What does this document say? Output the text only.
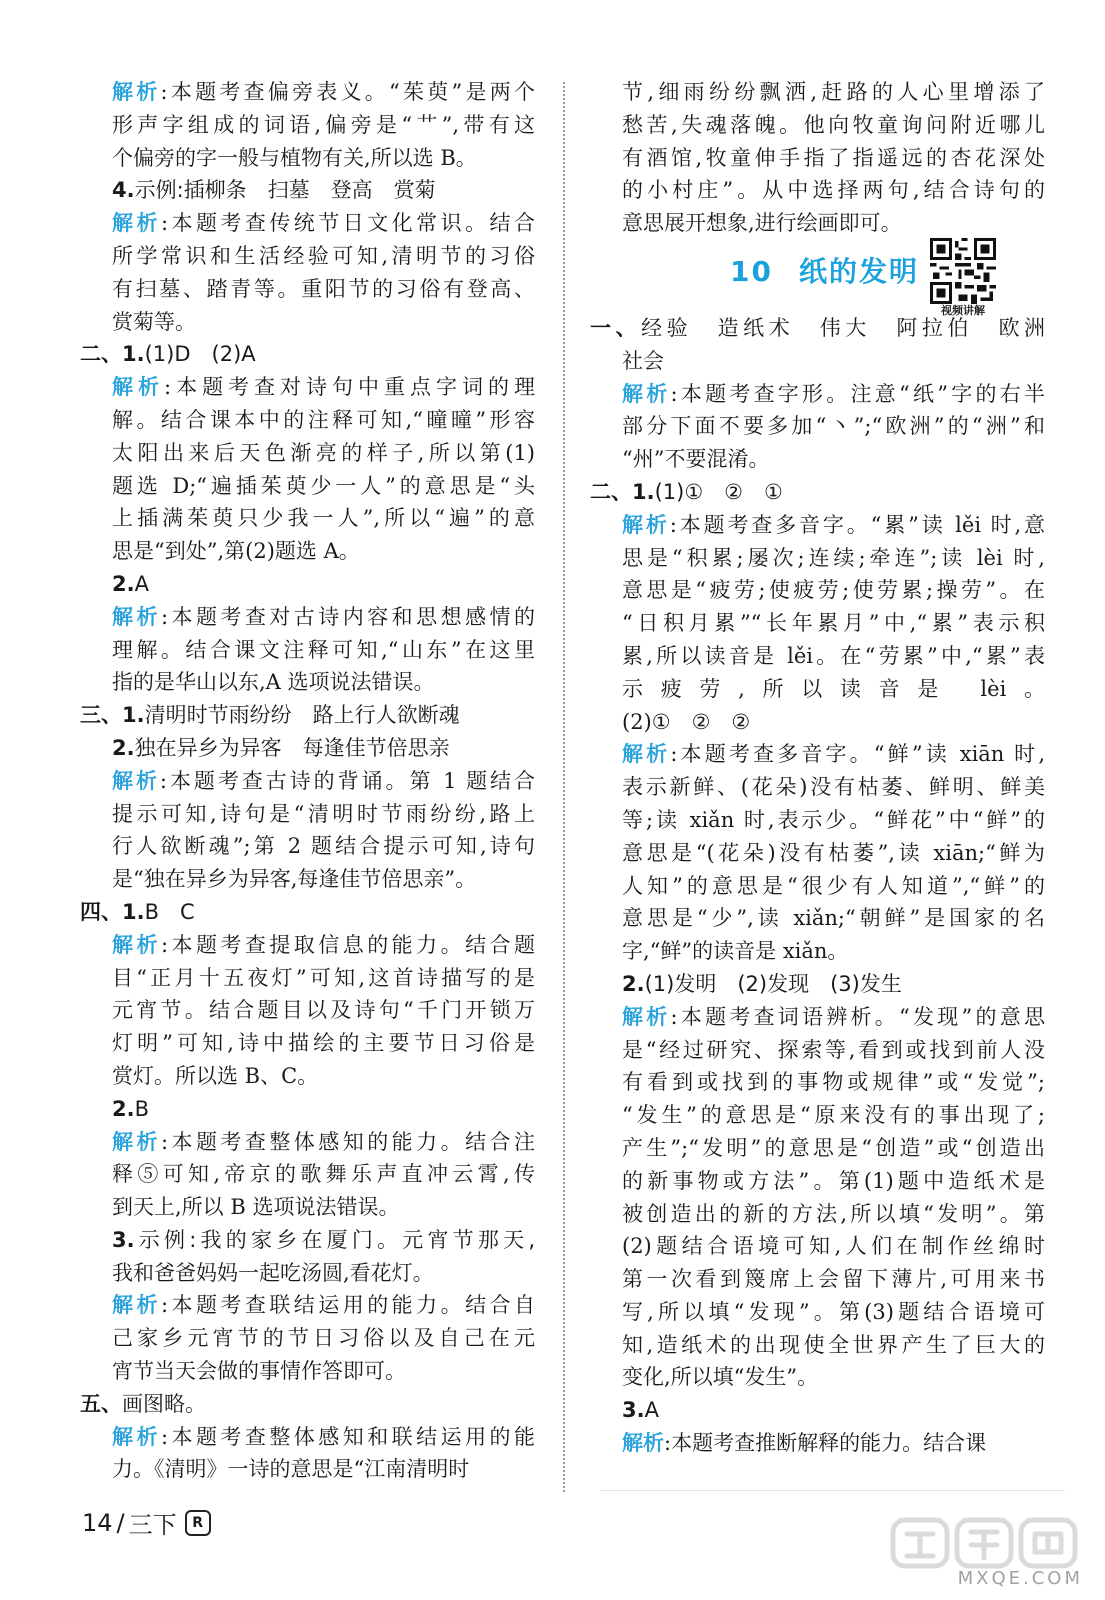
解析:本题考查偏旁表义。“茱萸”是两个
形声字组成的词语,偏旁是“艹”,带有这
个偏旁的字一般与植物有关,所以选 B。
4.示例:插柳条　扫墓　登高　赏菊
解析:本题考查传统节日文化常识。结合
所学常识和生活经验可知,清明节的习俗
有扫墓、踏青等。重阳节的习俗有登高、
赏菊等。
二、1.(1)D　(2)A
解析:本题考查对诗句中重点字词的理
解。结合课本中的注释可知,“曈曈”形容
太阳出来后天色渐亮的样子,所以第(1)
题选 D;“遍插茱萸少一人”的意思是“头
上插满茱萸只少我一人”,所以“遍”的意
思是“到处”,第(2)题选 A。
2.A
解析:本题考查对古诗内容和思想感情的
理解。结合课文注释可知,“山东”在这里
指的是华山以东,A 选项说法错误。
三、1.清明时节雨纷纷　路上行人欲断魂
2.独在异乡为异客　每逢佳节倍思亲
解析:本题考查古诗的背诵。第 1 题结合
提示可知,诗句是“清明时节雨纷纷,路上
行人欲断魂”;第 2 题结合提示可知,诗句
是“独在异乡为异客,每逢佳节倍思亲”。
四、1.B　C
解析:本题考查提取信息的能力。结合题
目“正月十五夜灯”可知,这首诗描写的是
元宵节。结合题目以及诗句“千门开锁万
灯明”可知,诗中描绘的主要节日习俗是
赏灯。所以选 B、C。
2.B
解析:本题考查整体感知的能力。结合注
释⑤可知,帝京的歌舞乐声直冲云霄,传
到天上,所以 B 选项说法错误。
3.示例:我的家乡在厦门。元宵节那天,
我和爸爸妈妈一起吃汤圆,看花灯。
解析:本题考查联结运用的能力。结合自
己家乡元宵节的节日习俗以及自己在元
宵节当天会做的事情作答即可。
五、画图略。
解析:本题考查整体感知和联结运用的能
力。《清明》一诗的意思是“江南清明时
节,细雨纷纷飘洒,赶路的人心里增添了
愁苦,失魂落魄。他向牧童询问附近哪儿
有酒馆,牧童伸手指了指遥远的杏花深处
的小村庄”。从中选择两句,结合诗句的
意思展开想象,进行绘画即可。
10 纸的发明
视频讲解
一、经验　造纸术　伟大　阿拉伯　欧洲
社会
解析:本题考查字形。注意“纸”字的右半
部分下面不要多加“丶”;“欧洲”的“洲”和
“州”不要混淆。
二、1.(1)①　②　①
解析:本题考查多音字。“累”读 lěi 时,意
思是“积累;屡次;连续;牵连”;读 lèi 时,
意思是“疲劳;使疲劳;使劳累;操劳”。在
“日积月累”“长年累月”中,“累”表示积
累,所以读音是 lěi。在“劳累”中,“累”表
示疲劳,所以读音是 lèi。
(2)①　②　②
解析:本题考查多音字。“鲜”读 xiān 时,
表示新鲜、(花朵)没有枯萎、鲜明、鲜美
等;读 xiǎn 时,表示少。“鲜花”中“鲜”的
意思是“(花朵)没有枯萎”,读 xiān;“鲜为
人知”的意思是“很少有人知道”,“鲜”的
意思是“少”,读 xiǎn;“朝鲜”是国家的名
字,“鲜”的读音是 xiǎn。
2.(1)发明　(2)发现　(3)发生
解析:本题考查词语辨析。“发现”的意思
是“经过研究、探索等,看到或找到前人没
有看到或找到的事物或规律”或“发觉”;
“发生”的意思是“原来没有的事出现了;
产生”;“发明”的意思是“创造”或“创造出
的新事物或方法”。第(1)题中造纸术是
被创造出的新的方法,所以填“发明”。第
(2)题结合语境可知,人们在制作丝绵时
第一次看到篾席上会留下薄片,可用来书
写,所以填“发现”。第(3)题结合语境可
知,造纸术的出现使全世界产生了巨大的
变化,所以填“发生”。
3.A
解析:本题考查推断解释的能力。结合课
14 / 三下	R
MXQE.COM
